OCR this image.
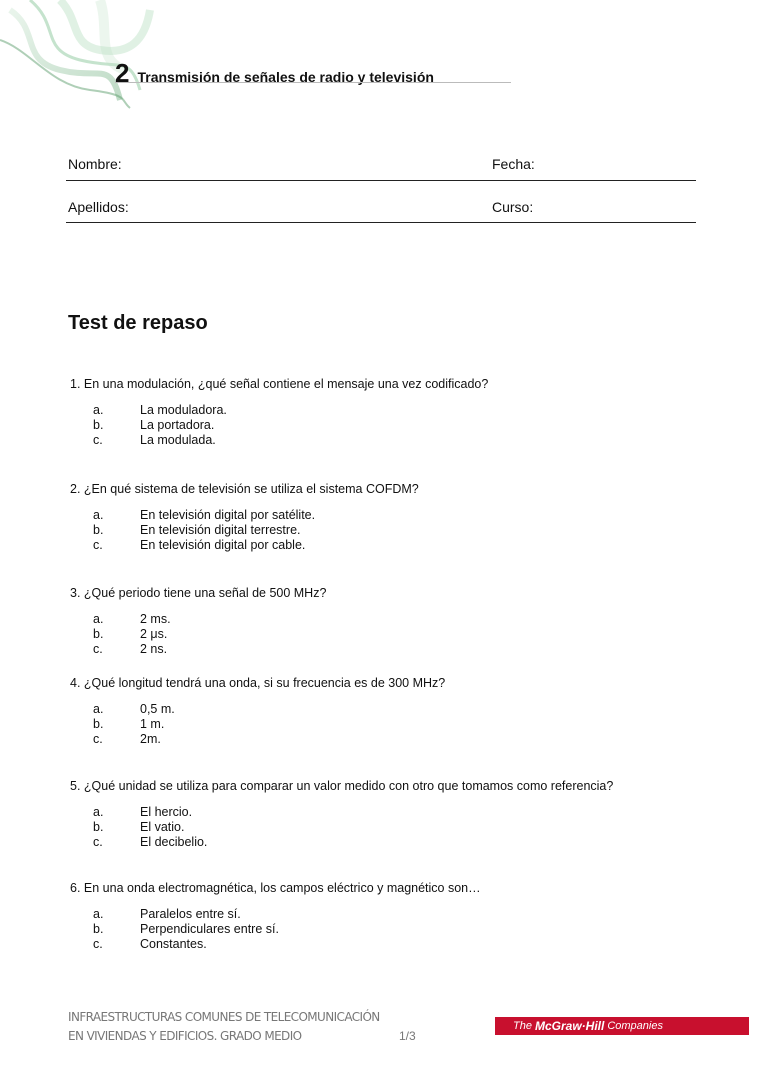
2 Transmisión de señales de radio y televisión
Nombre:	Fecha:
Apellidos:	Curso:
Test de repaso
1. En una modulación, ¿qué señal contiene el mensaje una vez codificado?
a.	La moduladora.
b.	La portadora.
c.	La modulada.
2. ¿En qué sistema de televisión se utiliza el sistema COFDM?
a.	En televisión digital por satélite.
b.	En televisión digital terrestre.
c.	En televisión digital por cable.
3. ¿Qué periodo tiene una señal de 500 MHz?
a.	2 ms.
b.	2 μs.
c.	2 ns.
4. ¿Qué longitud tendrá una onda, si su frecuencia es de 300 MHz?
a.	0,5 m.
b.	1 m.
c.	2m.
5. ¿Qué unidad se utiliza para comparar un valor medido con otro que tomamos como referencia?
a.	El hercio.
b.	El vatio.
c.	El decibelio.
6. En una onda electromagnética, los campos eléctrico y magnético son…
a.	Paralelos entre sí.
b.	Perpendiculares entre sí.
c.	Constantes.
INFRAESTRUCTURAS COMUNES DE TELECOMUNICACIÓN
EN VIVIENDAS Y EDIFICIOS. GRADO MEDIO	1/3
The McGraw·Hill Companies
